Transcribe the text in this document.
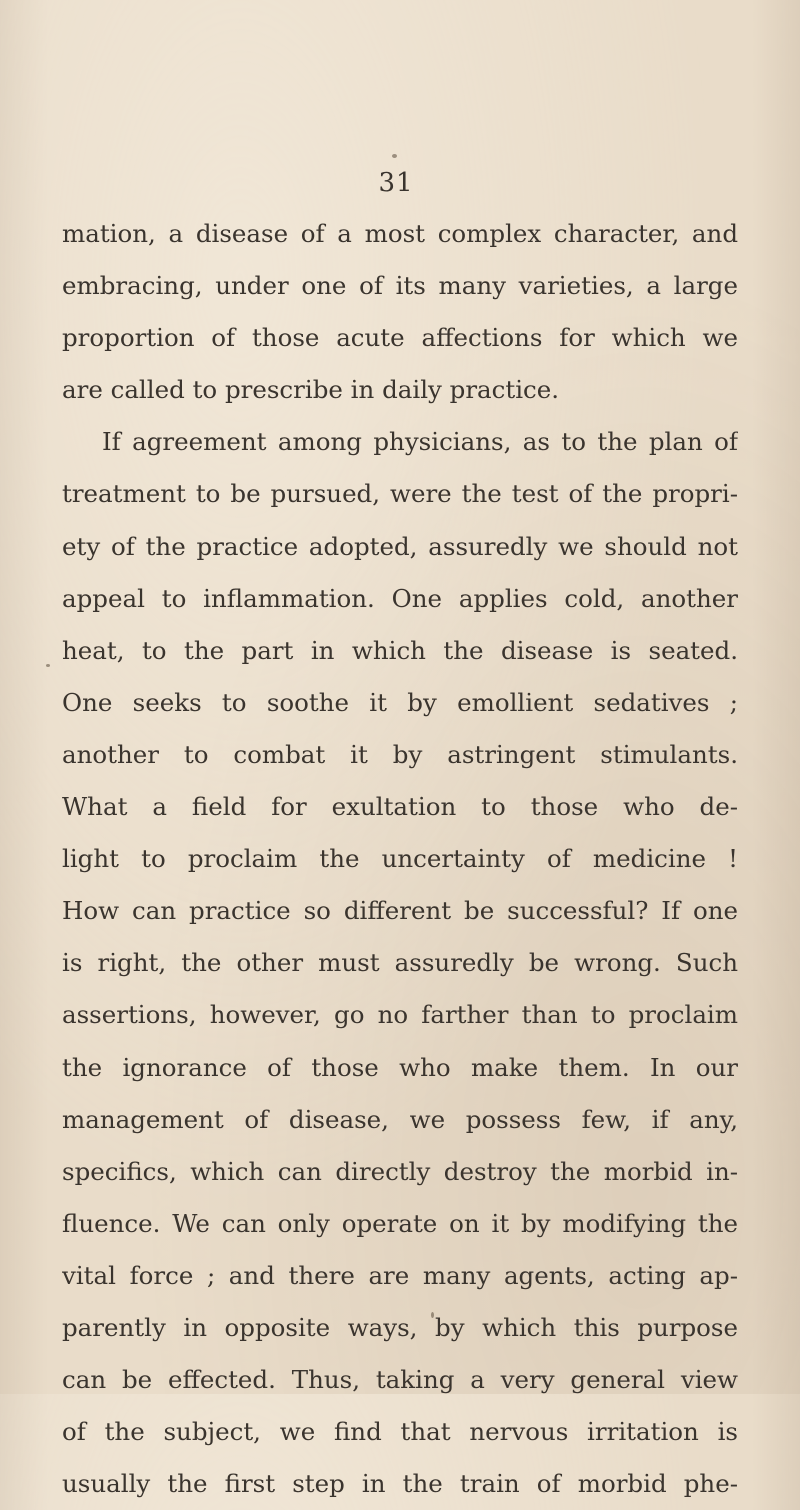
31
mation, a disease of a most complex character, and
embracing, under one of its many varieties, a large
proportion of those acute affections for which we
are called to prescribe in daily practice.
If agreement among physicians, as to the plan of
treatment to be pursued, were the test of the propri-
ety of the practice adopted, assuredly we should not
appeal to inflammation. One applies cold, another
heat, to the part in which the disease is seated.
One seeks to soothe it by emollient sedatives ;
another to combat it by astringent stimulants.
What a field for exultation to those who de-
light to proclaim the uncertainty of medicine !
How can practice so different be successful? If one
is right, the other must assuredly be wrong. Such
assertions, however, go no farther than to proclaim
the ignorance of those who make them. In our
management of disease, we possess few, if any,
specifics, which can directly destroy the morbid in-
fluence. We can only operate on it by modifying the
vital force ; and there are many agents, acting ap-
parently in opposite ways, by which this purpose
can be effected. Thus, taking a very general view
of the subject, we find that nervous irritation is
usually the first step in the train of morbid phe-
